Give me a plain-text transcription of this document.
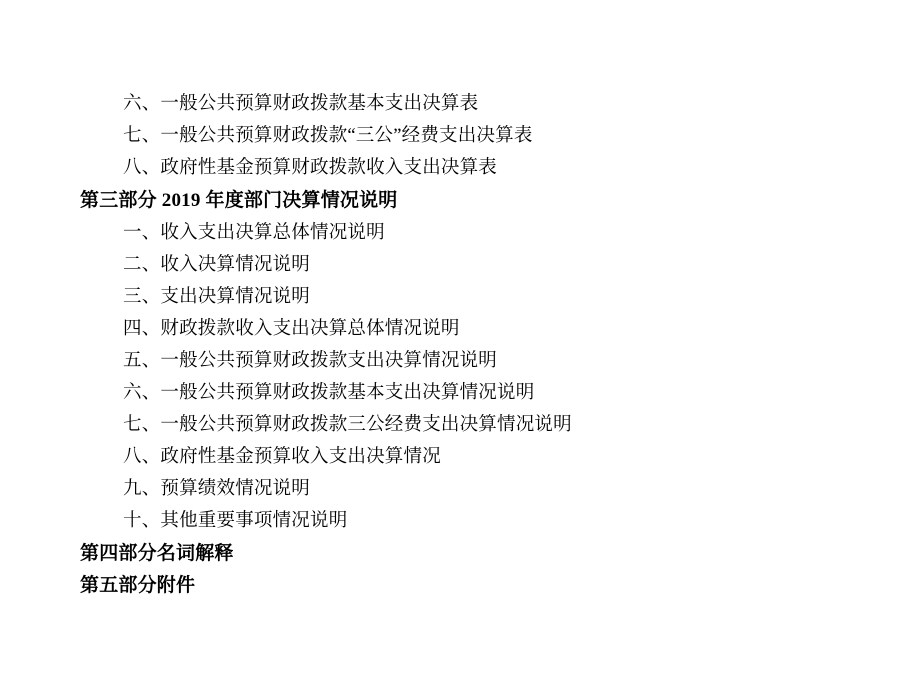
六、一般公共预算财政拨款基本支出决算表
七、一般公共预算财政拨款“三公”经费支出决算表
八、政府性基金预算财政拨款收入支出决算表
第三部分 2019 年度部门决算情况说明
一、收入支出决算总体情况说明
二、收入决算情况说明
三、支出决算情况说明
四、财政拨款收入支出决算总体情况说明
五、一般公共预算财政拨款支出决算情况说明
六、一般公共预算财政拨款基本支出决算情况说明
七、一般公共预算财政拨款三公经费支出决算情况说明
八、政府性基金预算收入支出决算情况
九、预算绩效情况说明
十、其他重要事项情况说明
第四部分名词解释
第五部分附件
